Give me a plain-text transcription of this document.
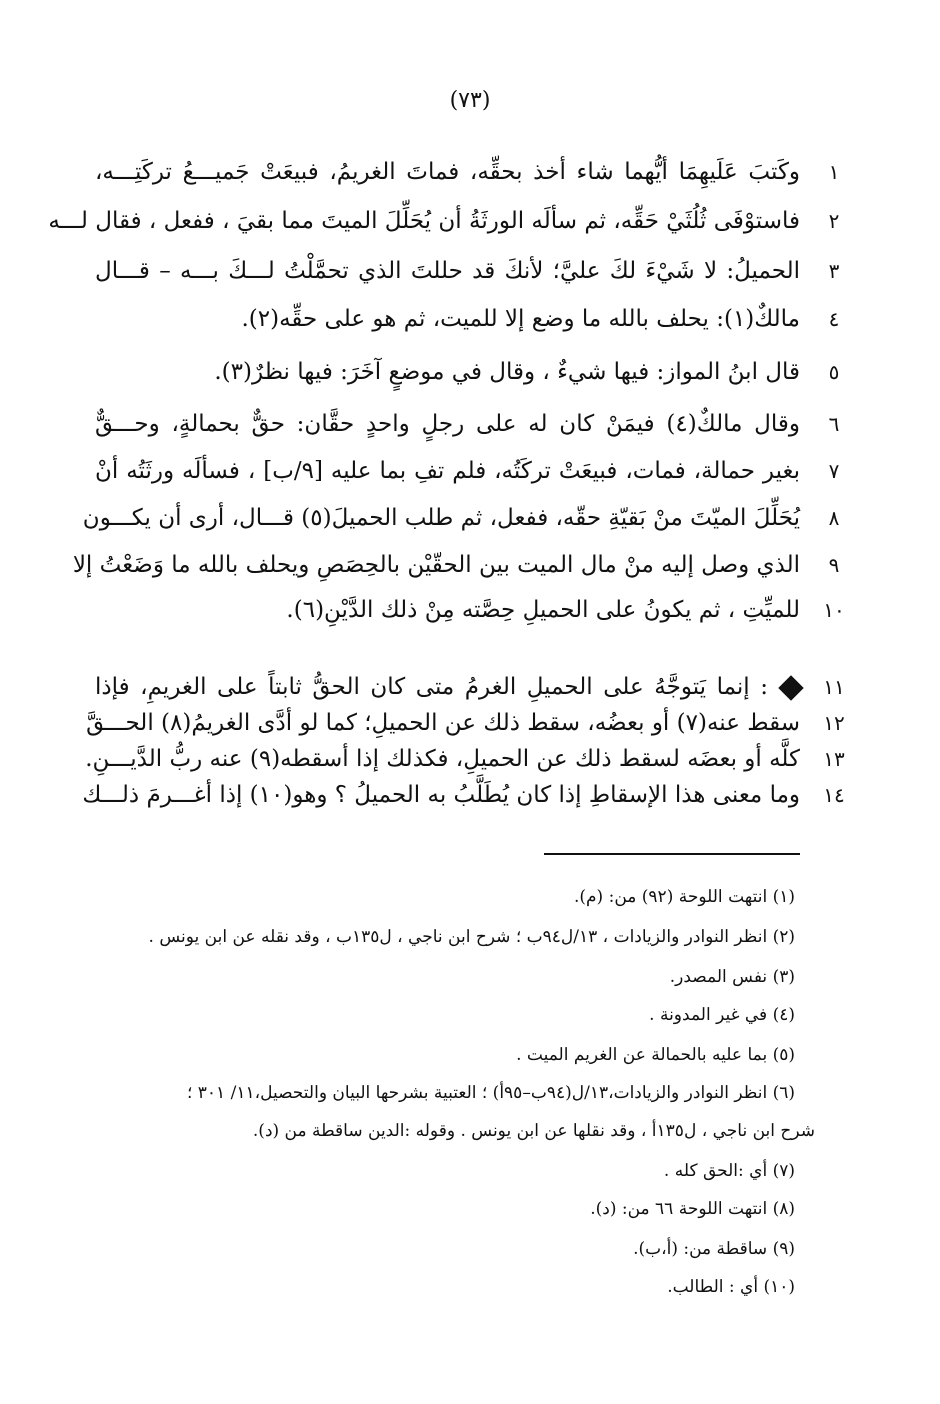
(٧٣)
١
وكَتبَ عَلَيهِمَا أيُّهما شاء أخذ بحقِّه، فماتَ الغريمُ، فبيعَتْ جَميـــعُ تركَتِـــه،
٢
فاستوْفَى ثُلُثَيْ حَقِّه، ثم سألَه الورثَةُ أن يُحَلِّلَ الميتَ مما بقيَ ، ففعل ، فقال لـــه
٣
الحميلُ: لا شَيْءَ لكَ عليَّ؛ لأنكَ قد حللتَ الذي تحمَّلْتُ لـــكَ بـــه – قـــال
٤
مالكٌ(١): يحلف بالله ما وضع إلا للميت، ثم هو على حقِّه(٢).
٥
قال ابنُ المواز: فيها شيءٌ ، وقال في موضعٍ آخَرَ: فيها نظرٌ(٣).
٦
وقال مالكٌ(٤) فيمَنْ كان له على رجلٍ واحدٍ حقَّان: حقٌّ بحمالةٍ، وحـــقٌّ
٧
بغير حمالة، فمات، فبيعَتْ تركَتُه، فلم تفِ بما عليه [٩/ب] ، فسألَه ورثَتُه أنْ
٨
يُحَلِّلَ الميّتَ منْ بَقيّةِ حقّه، ففعل، ثم طلب الحميلَ(٥) قـــال، أرى أن يكـــون
٩
الذي وصل إليه منْ مال الميت بين الحقّيْن بالحِصَصِ ويحلف بالله ما وَضَعْتُ إلا
١٠
للميِّتِ ، ثم يكونُ على الحميلِ حِصَّته مِنْ ذلك الدَّيْنِ(٦).
١١
: إنما يَتوجَّهُ على الحميلِ الغرمُ متى كان الحقُّ ثابتاً على الغريمِ، فإذا
١٢
سقط عنه(٧) أو بعضُه، سقط ذلك عن الحميلِ؛ كما لو أدَّى الغريمُ(٨) الحـــقَّ
١٣
كلَّه أو بعضَه لسقط ذلك عن الحميلِ، فكذلك إذا أسقطه(٩) عنه ربُّ الدَّيـــنِ.
١٤
وما معنى هذا الإسقاطِ إذا كان يُطَلَّبُ به الحميلُ ؟ وهو(١٠) إذا أغـــرمَ ذلـــك
(١) انتهت اللوحة (٩٢) من: (م).
(٢) انظر النوادر والزيادات ، ١٣/ل٩٤ب ؛ شرح ابن ناجي ، ل١٣٥ب ، وقد نقله عن ابن يونس .
(٣) نفس المصدر.
(٤) في غير المدونة .
(٥) بما عليه بالحمالة عن الغريم الميت .
(٦) انظر النوادر والزيادات،١٣/ل(٩٤ب–٩٥أ) ؛ العتبية بشرحها البيان والتحصيل،١١/ ٣٠١ ؛
شرح ابن ناجي ، ل١٣٥أ ، وقد نقلها عن ابن يونس . وقوله :الدين ساقطة من (د).
(٧) أي :الحق كله .
(٨) انتهت اللوحة ٦٦ من: (د).
(٩) ساقطة من: (أ،ب).
(١٠) أي : الطالب.
